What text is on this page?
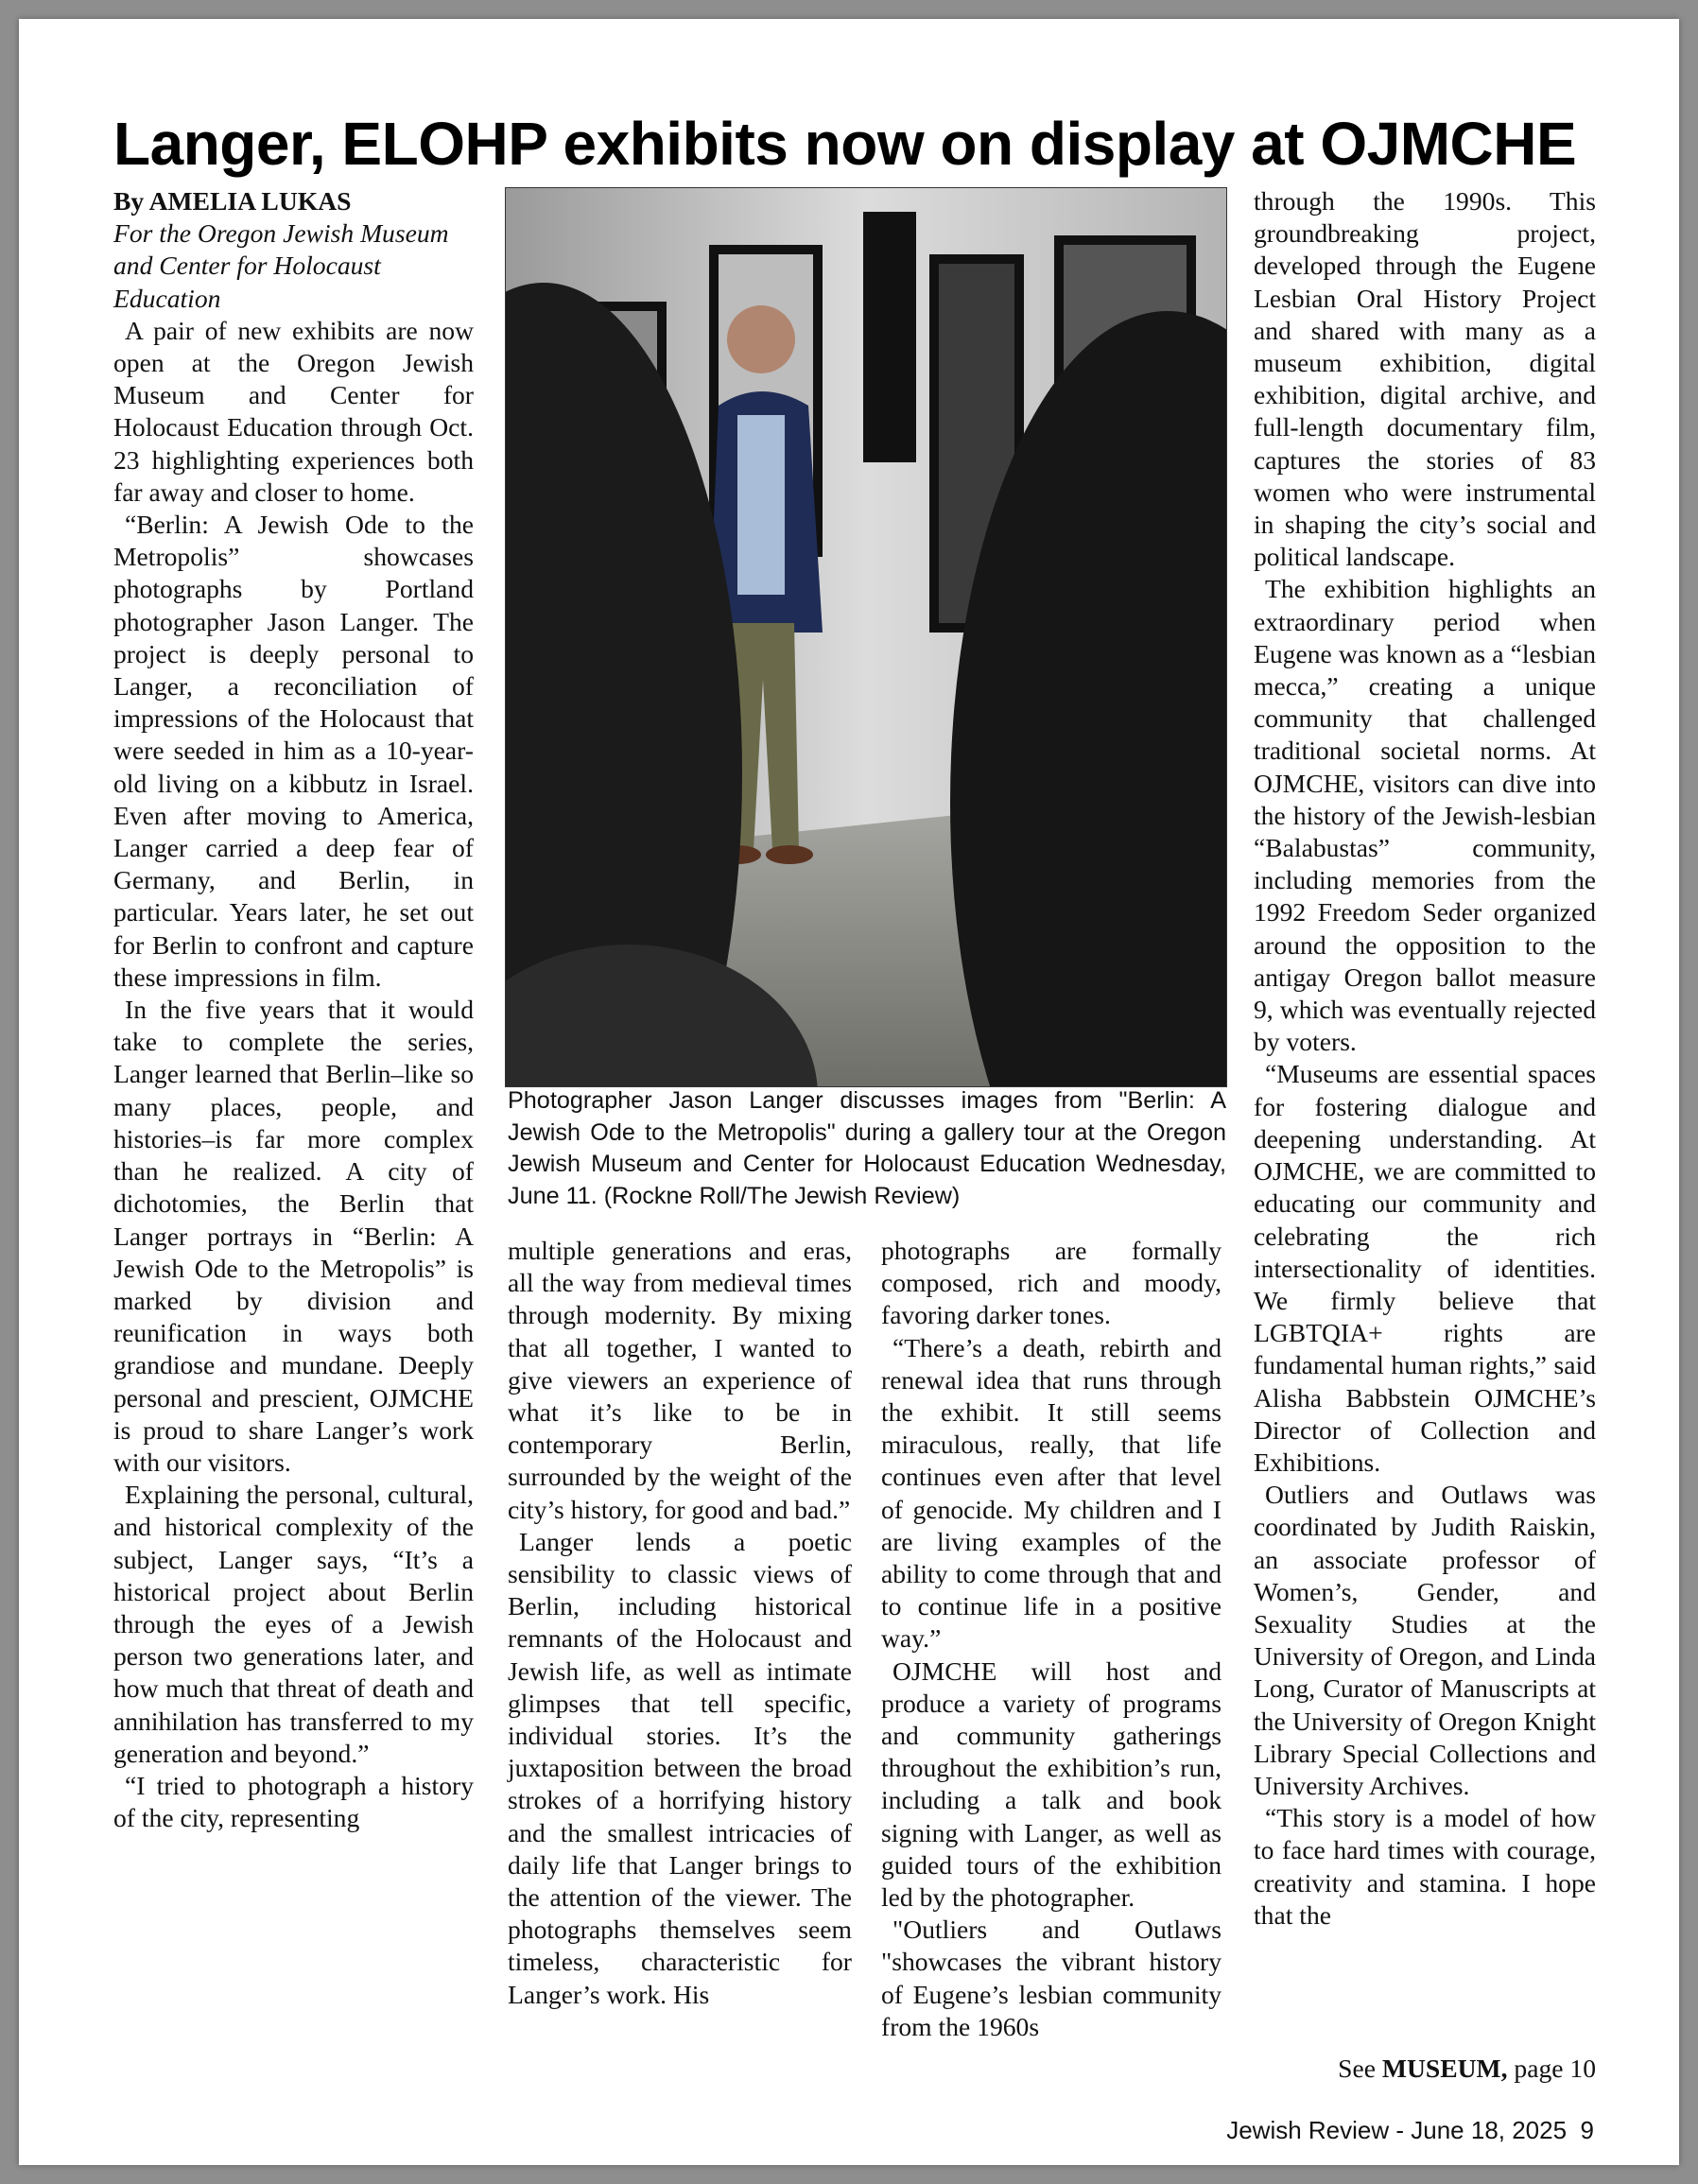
Langer, ELOHP exhibits now on display at OJMCHE

By AMELIA LUKAS

For the Oregon Jewish Museum and Center for Holocaust Education

A pair of new exhibits are now open at the Oregon Jewish Museum and Center for Holocaust Education through Oct. 23 highlighting experiences both far away and closer to home.

“Berlin: A Jewish Ode to the Metropolis” showcases photographs by Portland photographer Jason Langer. The project is deeply personal to Langer, a reconciliation of impressions of the Holocaust that were seeded in him as a 10-year-old living on a kibbutz in Israel. Even after moving to America, Langer carried a deep fear of Germany, and Berlin, in particular. Years later, he set out for Berlin to confront and capture these impressions in film.

In the five years that it would take to complete the series, Langer learned that Berlin–like so many places, people, and histories–is far more complex than he realized. A city of dichotomies, the Berlin that Langer portrays in “Berlin: A Jewish Ode to the Metropolis” is marked by division and reunification in ways both grandiose and mundane. Deeply personal and prescient, OJMCHE is proud to share Langer’s work with our visitors.

Explaining the personal, cultural, and historical complexity of the subject, Langer says, “It’s a historical project about Berlin through the eyes of a Jewish person two generations later, and how much that threat of death and annihilation has transferred to my generation and beyond.”

“I tried to photograph a history of the city, representing

Photographer Jason Langer discusses images from "Berlin: A Jewish Ode to the Metropolis" during a gallery tour at the Oregon Jewish Museum and Center for Holocaust Education Wednesday, June 11. (Rockne Roll/The Jewish Review)

multiple generations and eras, all the way from medieval times through modernity. By mixing that all together, I wanted to give viewers an experience of what it’s like to be in contemporary Berlin, surrounded by the weight of the city’s history, for good and bad.”

Langer lends a poetic sensibility to classic views of Berlin, including historical remnants of the Holocaust and Jewish life, as well as intimate glimpses that tell specific, individual stories. It’s the juxtaposition between the broad strokes of a horrifying history and the smallest intricacies of daily life that Langer brings to the attention of the viewer. The photographs themselves seem timeless, characteristic for Langer’s work. His

photographs are formally composed, rich and moody, favoring darker tones.

“There’s a death, rebirth and renewal idea that runs through the exhibit. It still seems miraculous, really, that life continues even after that level of genocide. My children and I are living examples of the ability to come through that and to continue life in a positive way.”

OJMCHE will host and produce a variety of programs and community gatherings throughout the exhibition’s run, including a talk and book signing with Langer, as well as guided tours of the exhibition led by the photographer.

"Outliers and Outlaws "showcases the vibrant history of Eugene’s lesbian community from the 1960s

through the 1990s. This groundbreaking project, developed through the Eugene Lesbian Oral History Project and shared with many as a museum exhibition, digital exhibition, digital archive, and full-length documentary film, captures the stories of 83 women who were instrumental in shaping the city’s social and political landscape.

The exhibition highlights an extraordinary period when Eugene was known as a “lesbian mecca,” creating a unique community that challenged traditional societal norms. At OJMCHE, visitors can dive into the history of the Jewish-lesbian “Balabustas” community, including memories from the 1992 Freedom Seder organized around the opposition to the antigay Oregon ballot measure 9, which was eventually rejected by voters.

“Museums are essential spaces for fostering dialogue and deepening understanding. At OJMCHE, we are committed to educating our community and celebrating the rich intersectionality of identities. We firmly believe that LGBTQIA+ rights are fundamental human rights,” said Alisha Babbstein OJMCHE’s Director of Collection and Exhibitions.

Outliers and Outlaws was coordinated by Judith Raiskin, an associate professor of Women’s, Gender, and Sexuality Studies at the University of Oregon, and Linda Long, Curator of Manuscripts at the University of Oregon Knight Library Special Collections and University Archives.

“This story is a model of how to face hard times with courage, creativity and stamina. I hope that the

See MUSEUM, page 10
Jewish Review - June 18, 2025 9
